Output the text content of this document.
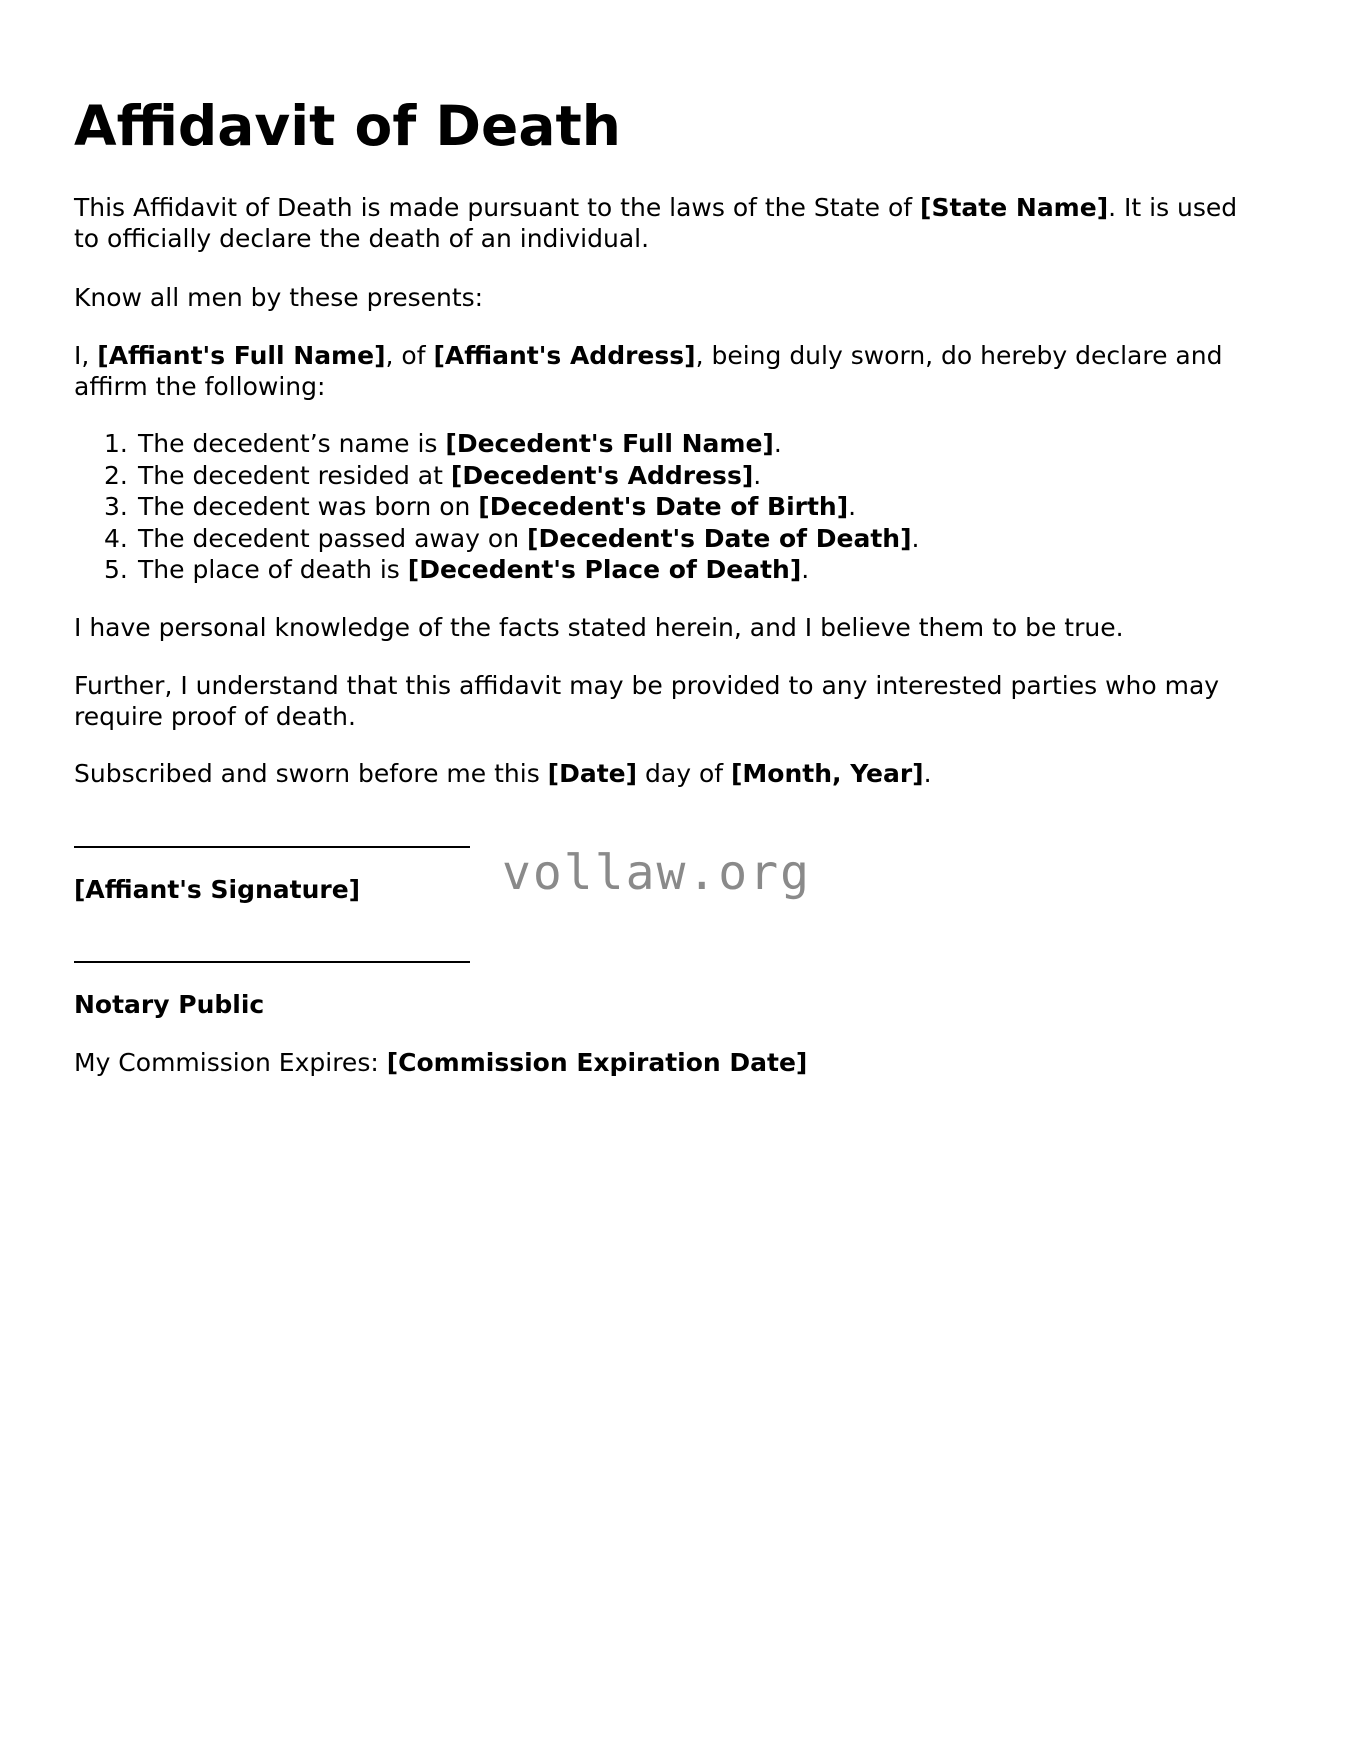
Affidavit of Death

This Affidavit of Death is made pursuant to the laws of the State of [State Name]. It is used to officially declare the death of an individual.

Know all men by these presents:

I, [Affiant's Full Name], of [Affiant's Address], being duly sworn, do hereby declare and affirm the following:

1. The decedent’s name is [Decedent's Full Name].
2. The decedent resided at [Decedent's Address].
3. The decedent was born on [Decedent's Date of Birth].
4. The decedent passed away on [Decedent's Date of Death].
5. The place of death is [Decedent's Place of Death].

I have personal knowledge of the facts stated herein, and I believe them to be true.

Further, I understand that this affidavit may be provided to any interested parties who may require proof of death.

Subscribed and sworn before me this [Date] day of [Month, Year].

[Affiant's Signature]
Notary Public

My Commission Expires: [Commission Expiration Date]

vollaw.org
